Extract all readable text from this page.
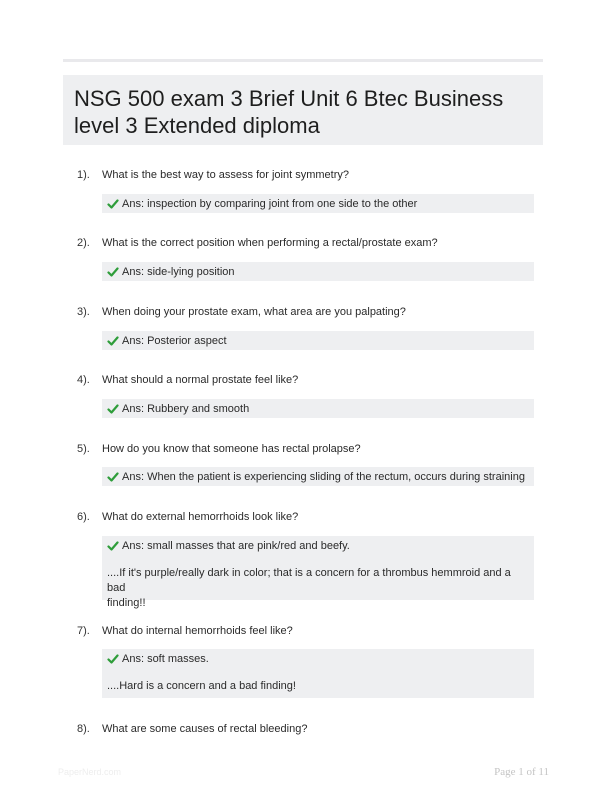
NSG 500 exam 3 Brief Unit 6 Btec Business level 3 Extended diploma
1). What is the best way to assess for joint symmetry?
Ans: inspection by comparing joint from one side to the other
2). What is the correct position when performing a rectal/prostate exam?
Ans: side-lying position
3). When doing your prostate exam, what area are you palpating?
Ans: Posterior aspect
4). What should a normal prostate feel like?
Ans: Rubbery and smooth
5). How do you know that someone has rectal prolapse?
Ans: When the patient is experiencing sliding of the rectum, occurs during straining
6). What do external hemorrhoids look like?
Ans: small masses that are pink/red and beefy.
....If it's purple/really dark in color; that is a concern for a thrombus hemmroid and a bad
finding!!
7). What do internal hemorrhoids feel like?
Ans: soft masses.
....Hard is a concern and a bad finding!
8). What are some causes of rectal bleeding?
PaperNerd.com	Page 1 of 11
